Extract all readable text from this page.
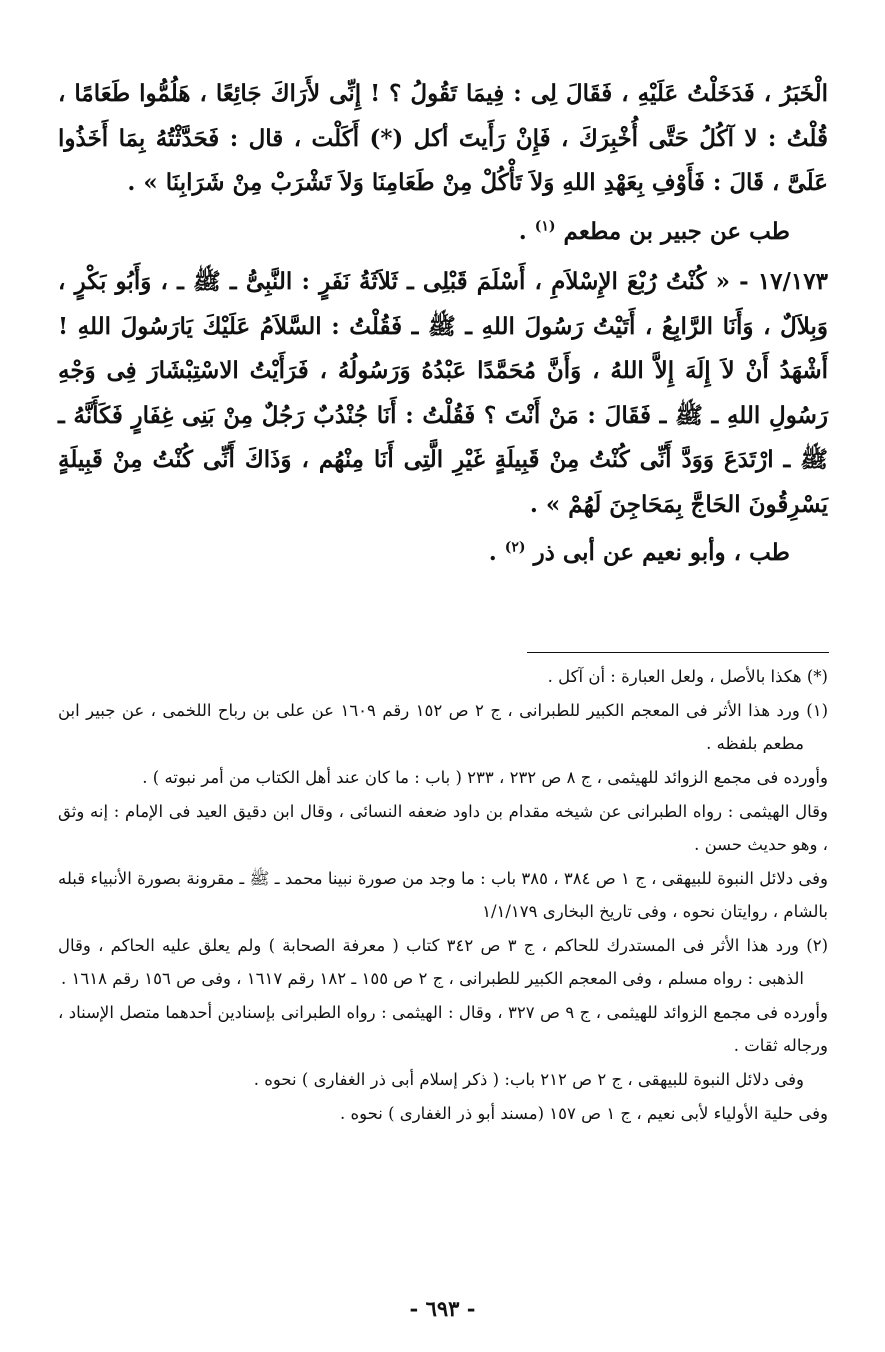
الْخَبَرُ ، فَدَخَلْتُ عَلَيْهِ ، فَقَالَ لِى : فِيمَا تَقُولُ ؟ ! إِنِّى لأَرَاكَ جَائِعًا ، هَلُمُّوا طَعَامًا ، قُلْتُ : لا آكُلُ حَتَّى أُخْبِرَكَ ، فَإِنْ رَأَيتَ أكل (*) أَكَلْت ، قال : فَحَدَّثْتُهُ بِمَا أَخَذُوا عَلَىَّ ، قَالَ : فَأَوْفِ بِعَهْدِ اللهِ وَلاَ تَأْكُلْ مِنْ طَعَامِنَا وَلاَ تَشْرَبْ مِنْ شَرَابِنَا » .

طب عن جبير بن مطعم $^{(١)}$ .

١٧/١٧٣ - « كُنْتُ رُبْعَ الإِسْلاَمِ ، أَسْلَمَ قَبْلِى ـ ثَلاَثَةُ نَفَرٍ : النَّبِىُّ ـ ﷺ ـ ، وَأَبُو بَكْرٍ ، وَبِلاَلٌ ، وَأَنَا الرَّابِعُ ، أَتَيْتُ رَسُولَ اللهِ ـ ﷺ ـ فَقُلْتُ : السَّلاَمُ عَلَيْكَ يَارَسُولَ اللهِ ! أَشْهَدُ أَنْ لاَ إِلَهَ إِلاَّ اللهُ ، وَأَنَّ مُحَمَّدًا عَبْدُهُ وَرَسُولُهُ ، فَرَأَيْتُ الاسْتِبْشَارَ فِى وَجْهِ رَسُولِ اللهِ ـ ﷺ ـ فَقَالَ : مَنْ أَنْتَ ؟ فَقُلْتُ : أَنَا جُنْدُبٌ رَجُلٌ مِنْ بَنِى غِفَارٍ فَكَأَنَّهُ ـ ﷺ ـ ارْتَدَعَ وَوَدَّ أَنِّى كُنْتُ مِنْ قَبِيلَةٍ غَيْرِ الَّتِى أَنَا مِنْهُم ، وَذَاكَ أَنِّى كُنْتُ مِنْ قَبِيلَةٍ يَسْرِقُونَ الحَاجَّ بِمَحَاجِنَ لَهُمْ » .

طب ، وأبو نعيم عن أبى ذر $^{(٢)}$ .

(*) هكذا بالأصل ، ولعل العبارة : أن آكل .

(١) ورد هذا الأثر فى المعجم الكبير للطبرانى ، ج ٢ ص ١٥٢ رقم ١٦٠٩ عن على بن رباح اللخمى ، عن جبير ابن مطعم بلفظه .

وأورده فى مجمع الزوائد للهيثمى ، ج ٨ ص ٢٣٢ ، ٢٣٣ ( باب : ما كان عند أهل الكتاب من أمر نبوته ) .

وقال الهيثمى : رواه الطبرانى عن شيخه مقدام بن داود ضعفه النسائى ، وقال ابن دقيق العيد فى الإمام : إنه وثق ، وهو حديث حسن .

وفى دلائل النبوة للبيهقى ، ج ١ ص ٣٨٤ ، ٣٨٥ باب : ما وجد من صورة نبينا محمد ـ ﷺ ـ مقرونة بصورة الأنبياء قبله بالشام ، روايتان نحوه ، وفى تاريخ البخارى ١/١/١٧٩

(٢) ورد هذا الأثر فى المستدرك للحاكم ، ج ٣ ص ٣٤٢ كتاب ( معرفة الصحابة ) ولم يعلق عليه الحاكم ، وقال الذهبى : رواه مسلم ، وفى المعجم الكبير للطبرانى ، ج ٢ ص ١٥٥ ـ ١٨٢ رقم ١٦١٧ ، وفى ص ١٥٦ رقم ١٦١٨ .

وأورده فى مجمع الزوائد للهيثمى ، ج ٩ ص ٣٢٧ ، وقال : الهيثمى : رواه الطبرانى بإسنادين أحدهما متصل الإسناد ، ورجاله ثقات .

وفى دلائل النبوة للبيهقى ، ج ٢ ص ٢١٢ باب: ( ذكر إسلام أبى ذر الغفارى ) نحوه .

وفى حلية الأولياء لأبى نعيم ، ج ١ ص ١٥٧ (مسند أبو ذر الغفارى ) نحوه .

- ٦٩٣ -
